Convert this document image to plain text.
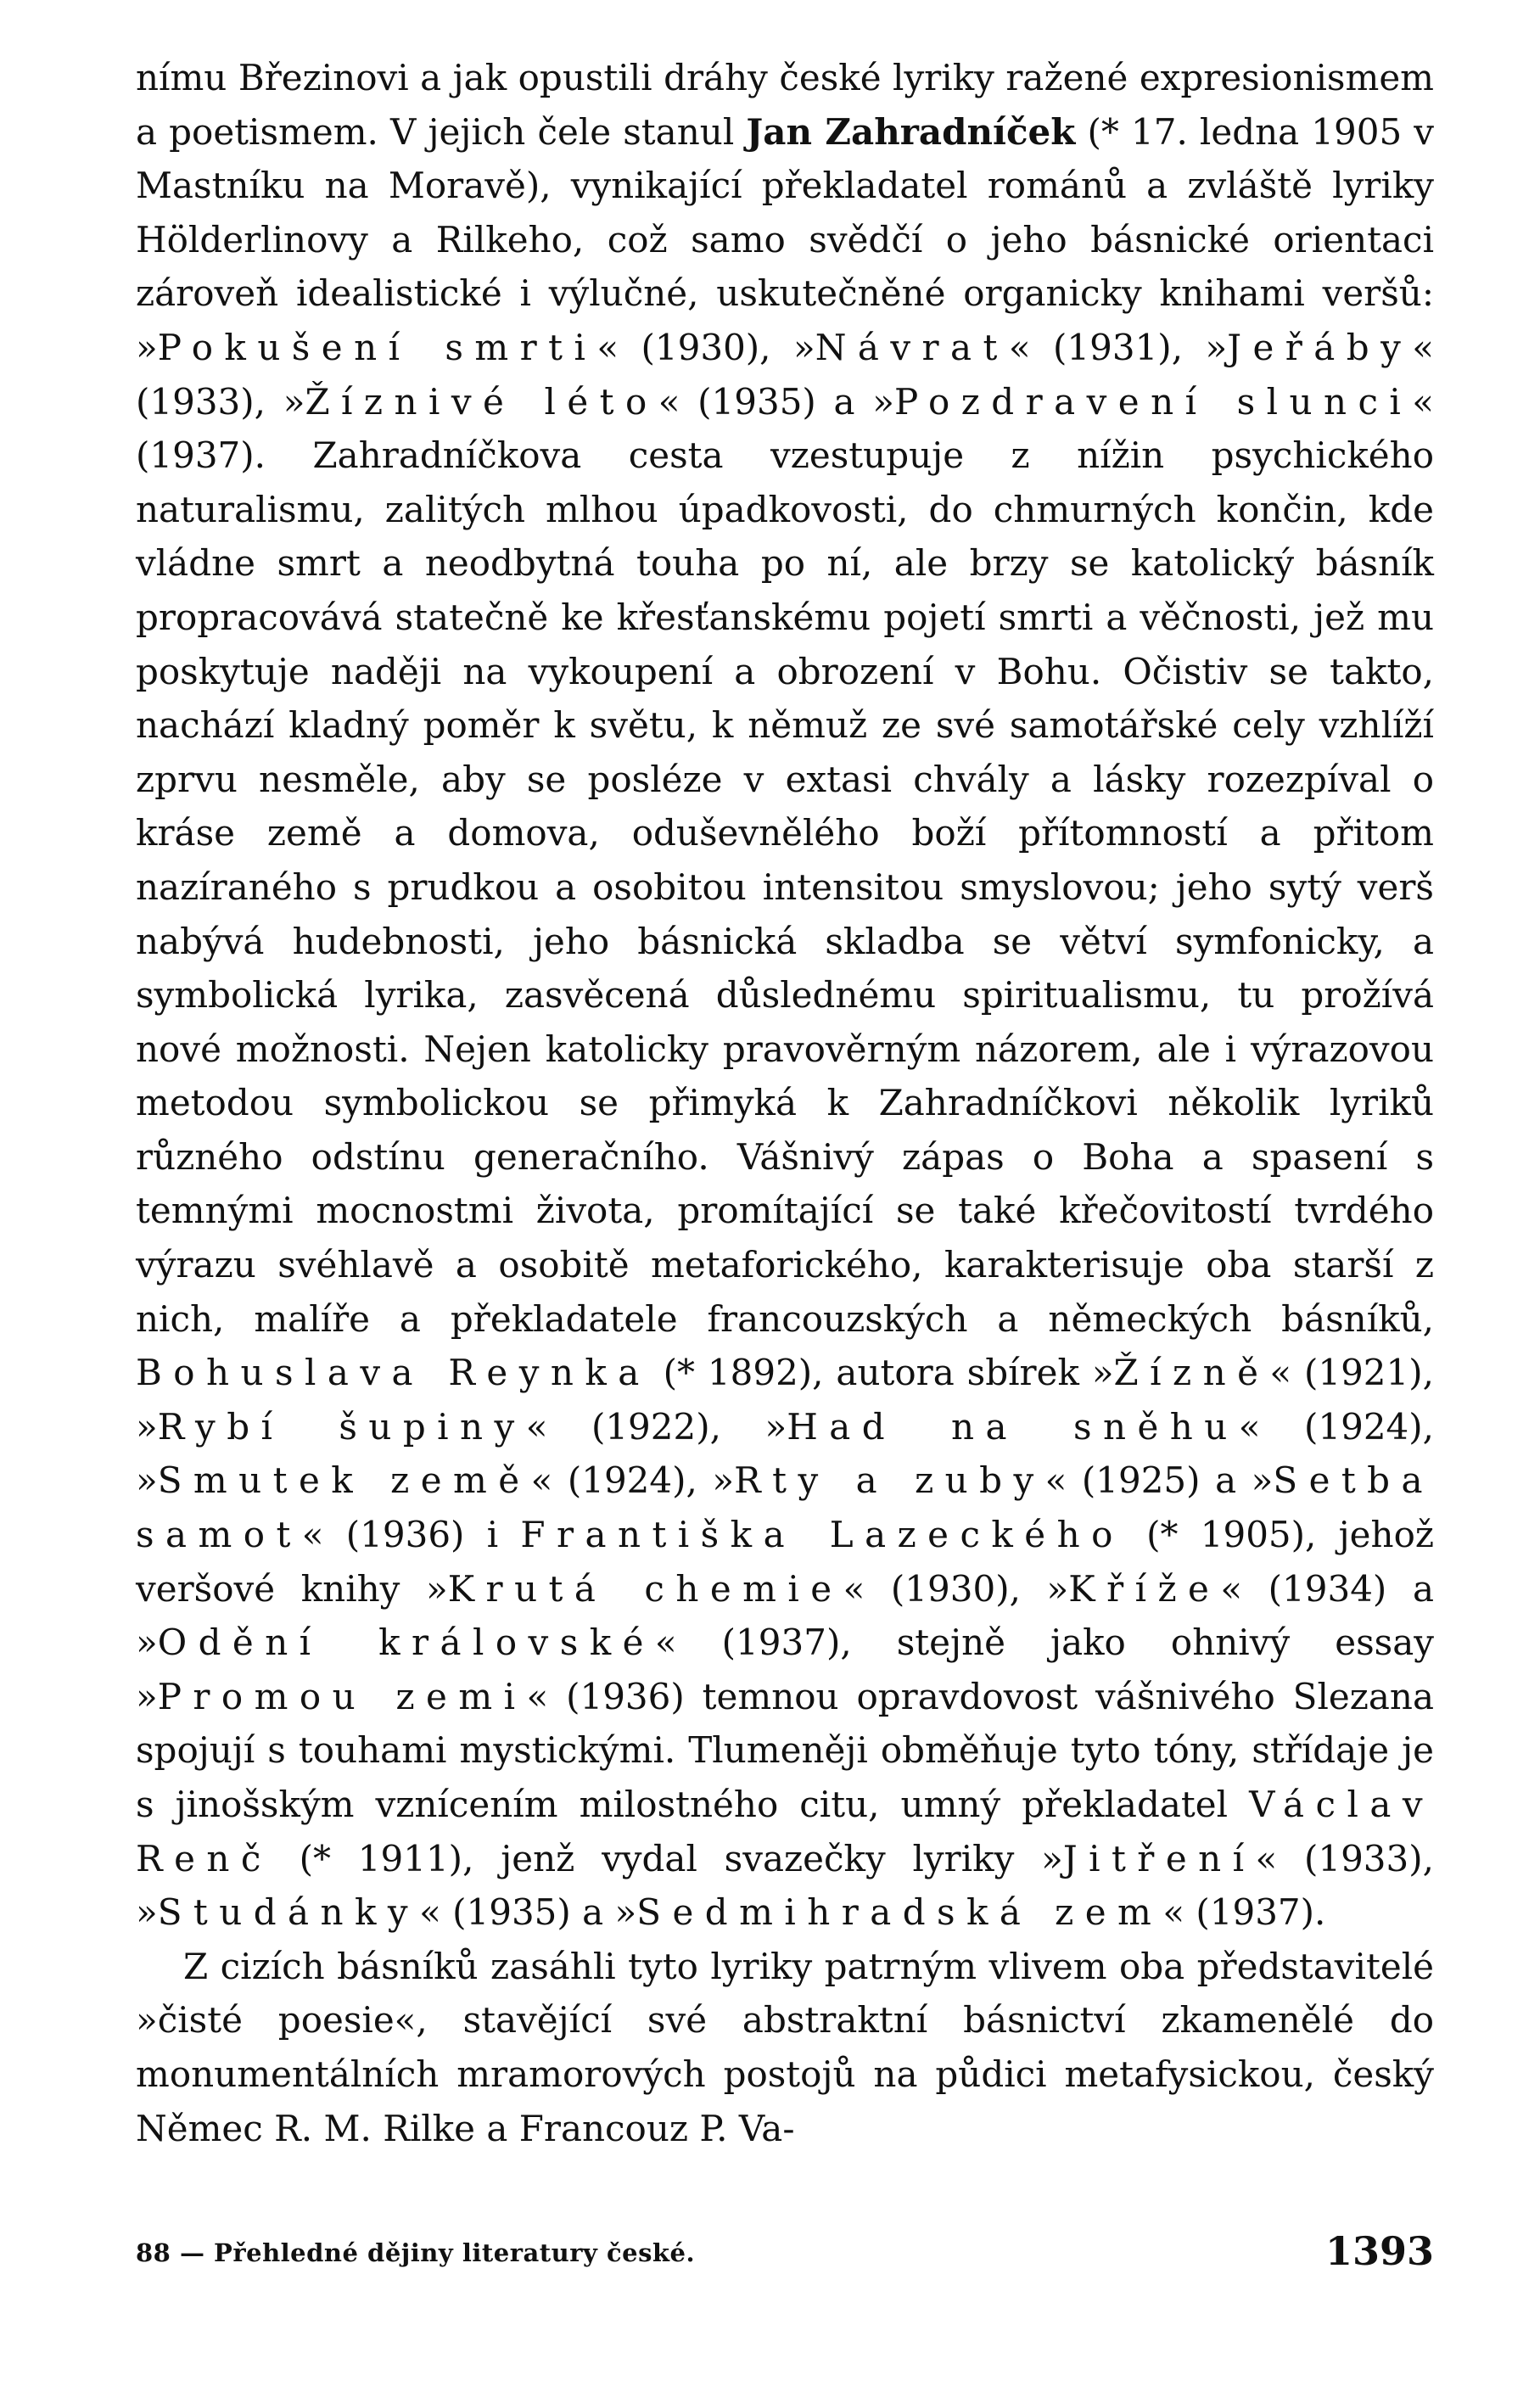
nímu Březinovi a jak opustili dráhy české lyriky ražené expresionismem a poetismem. V jejich čele stanul Jan Zahradníček (* 17. ledna 1905 v Mastníku na Moravě), vynikající překladatel románů a zvláště lyriky Hölderlinovy a Rilkeho, což samo svědčí o jeho básnické orientaci zároveň idealistické i výlučné, uskutečněné organicky knihami veršů: »Pokušení smrti« (1930), »Návrat« (1931), »Jeřáby« (1933), »Žíznivé léto« (1935) a »Pozdravení slunci« (1937). Zahradníčkova cesta vzestupuje z nížin psychického naturalismu, zalitých mlhou úpadkovosti, do chmurných končin, kde vládne smrt a neodbytná touha po ní, ale brzy se katolický básník propracovává statečně ke křesťanskému pojetí smrti a věčnosti, jež mu poskytuje naději na vykoupení a obrození v Bohu. Očistiv se takto, nachází kladný poměr k světu, k němuž ze své samotářské cely vzhlíží zprvu nesměle, aby se posléze v extasi chvály a lásky rozezpíval o kráse země a domova, oduševnělého boží přítomností a přitom nazíraného s prudkou a osobitou intensitou smyslovou; jeho sytý verš nabývá hudebnosti, jeho básnická skladba se větví symfonicky, a symbolická lyrika, zasvěcená důslednému spiritualismu, tu prožívá nové možnosti. Nejen katolicky pravověrným názorem, ale i výrazovou metodou symbolickou se přimyká k Zahradníčkovi několik lyriků různého odstínu generačního. Vášnivý zápas o Boha a spasení s temnými mocnostmi života, promítající se také křečovitostí tvrdého výrazu svéhlavě a osobitě metaforického, karakterisuje oba starší z nich, malíře a překladatele francouzských a německých básníků, Bohuslava Reynka (* 1892), autora sbírek »Žízně« (1921), »Rybí šupiny« (1922), »Had na sněhu« (1924), »Smutek země« (1924), »Rty a zuby« (1925) a »Setba samot« (1936) i Františka Lazeckého (* 1905), jehož veršové knihy »Krutá chemie« (1930), »Kříže« (1934) a »Odění královské« (1937), stejně jako ohnivý essay »Promou zemi« (1936) temnou opravdovost vášnivého Slezana spojují s touhami mystickými. Tlumeněji obměňuje tyto tóny, střídaje je s jinošským vznícením milostného citu, umný překladatel Václav Renč (* 1911), jenž vydal svazečky lyriky »Jitření« (1933), »Studánky« (1935) a »Sedmihradská zem« (1937).

Z cizích básníků zasáhli tyto lyriky patrným vlivem oba představitelé »čisté poesie«, stavějící své abstraktní básnictví zkamenělé do monumentálních mramorových postojů na půdici metafysickou, český Němec R. M. Rilke a Francouz P. Va-

88 — Přehledné dějiny literatury české.	1393
